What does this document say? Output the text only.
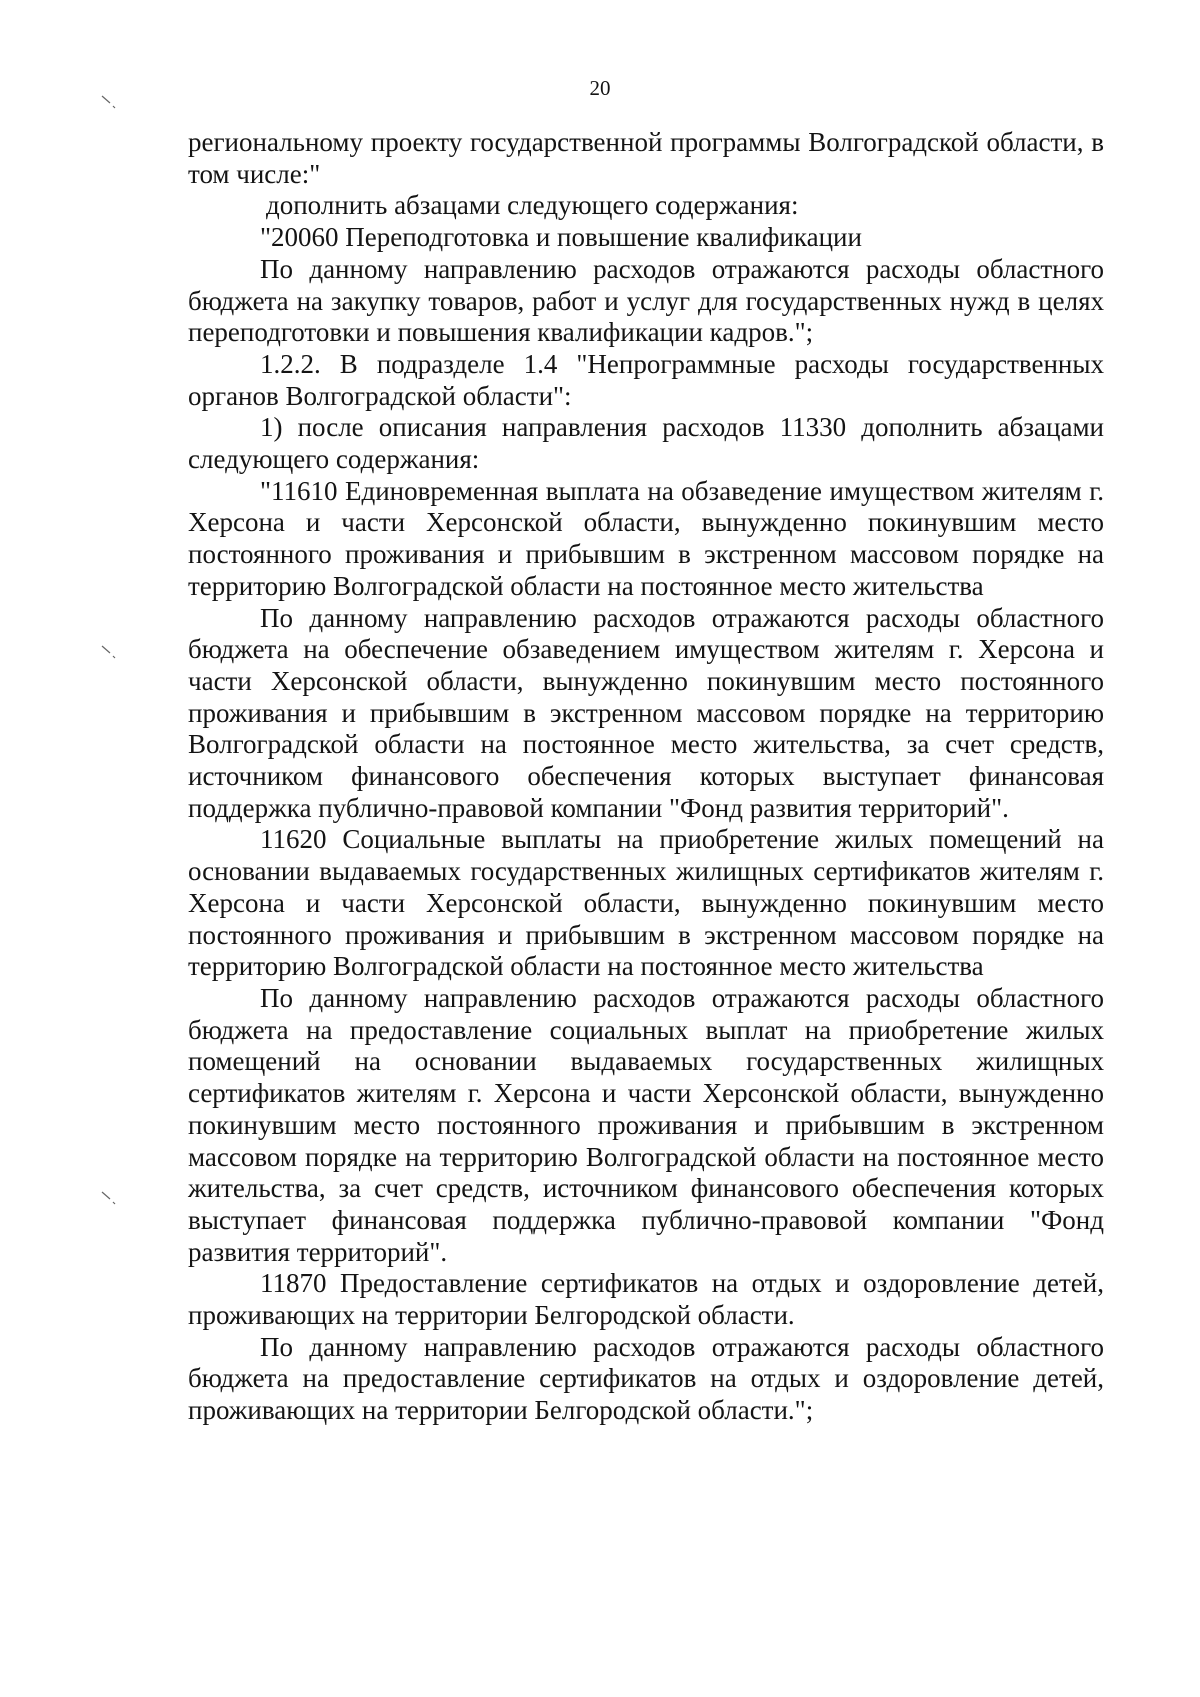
20

региональному проекту государственной программы Волгоградской области, в том числе:"

дополнить абзацами следующего содержания:

"20060 Переподготовка и повышение квалификации

По данному направлению расходов отражаются расходы областного бюджета на закупку товаров, работ и услуг для государственных нужд в целях переподготовки и повышения квалификации кадров.";

1.2.2. В подразделе 1.4 "Непрограммные расходы государственных органов Волгоградской области":

1) после описания направления расходов 11330 дополнить абзацами следующего содержания:

"11610 Единовременная выплата на обзаведение имуществом жителям г. Херсона и части Херсонской области, вынужденно покинувшим место постоянного проживания и прибывшим в экстренном массовом порядке на территорию Волгоградской области на постоянное место жительства

По данному направлению расходов отражаются расходы областного бюджета на обеспечение обзаведением имуществом жителям г. Херсона и части Херсонской области, вынужденно покинувшим место постоянного проживания и прибывшим в экстренном массовом порядке на территорию Волгоградской области на постоянное место жительства, за счет средств, источником финансового обеспечения которых выступает финансовая поддержка публично-правовой компании "Фонд развития территорий".

11620 Социальные выплаты на приобретение жилых помещений на основании выдаваемых государственных жилищных сертификатов жителям г. Херсона и части Херсонской области, вынужденно покинувшим место постоянного проживания и прибывшим в экстренном массовом порядке на территорию Волгоградской области на постоянное место жительства

По данному направлению расходов отражаются расходы областного бюджета на предоставление социальных выплат на приобретение жилых помещений на основании выдаваемых государственных жилищных сертификатов жителям г. Херсона и части Херсонской области, вынужденно покинувшим место постоянного проживания и прибывшим в экстренном массовом порядке на территорию Волгоградской области на постоянное место жительства, за счет средств, источником финансового обеспечения которых выступает финансовая поддержка публично-правовой компании "Фонд развития территорий".

11870 Предоставление сертификатов на отдых и оздоровление детей, проживающих на территории Белгородской области.

По данному направлению расходов отражаются расходы областного бюджета на предоставление сертификатов на отдых и оздоровление детей, проживающих на территории Белгородской области.";
